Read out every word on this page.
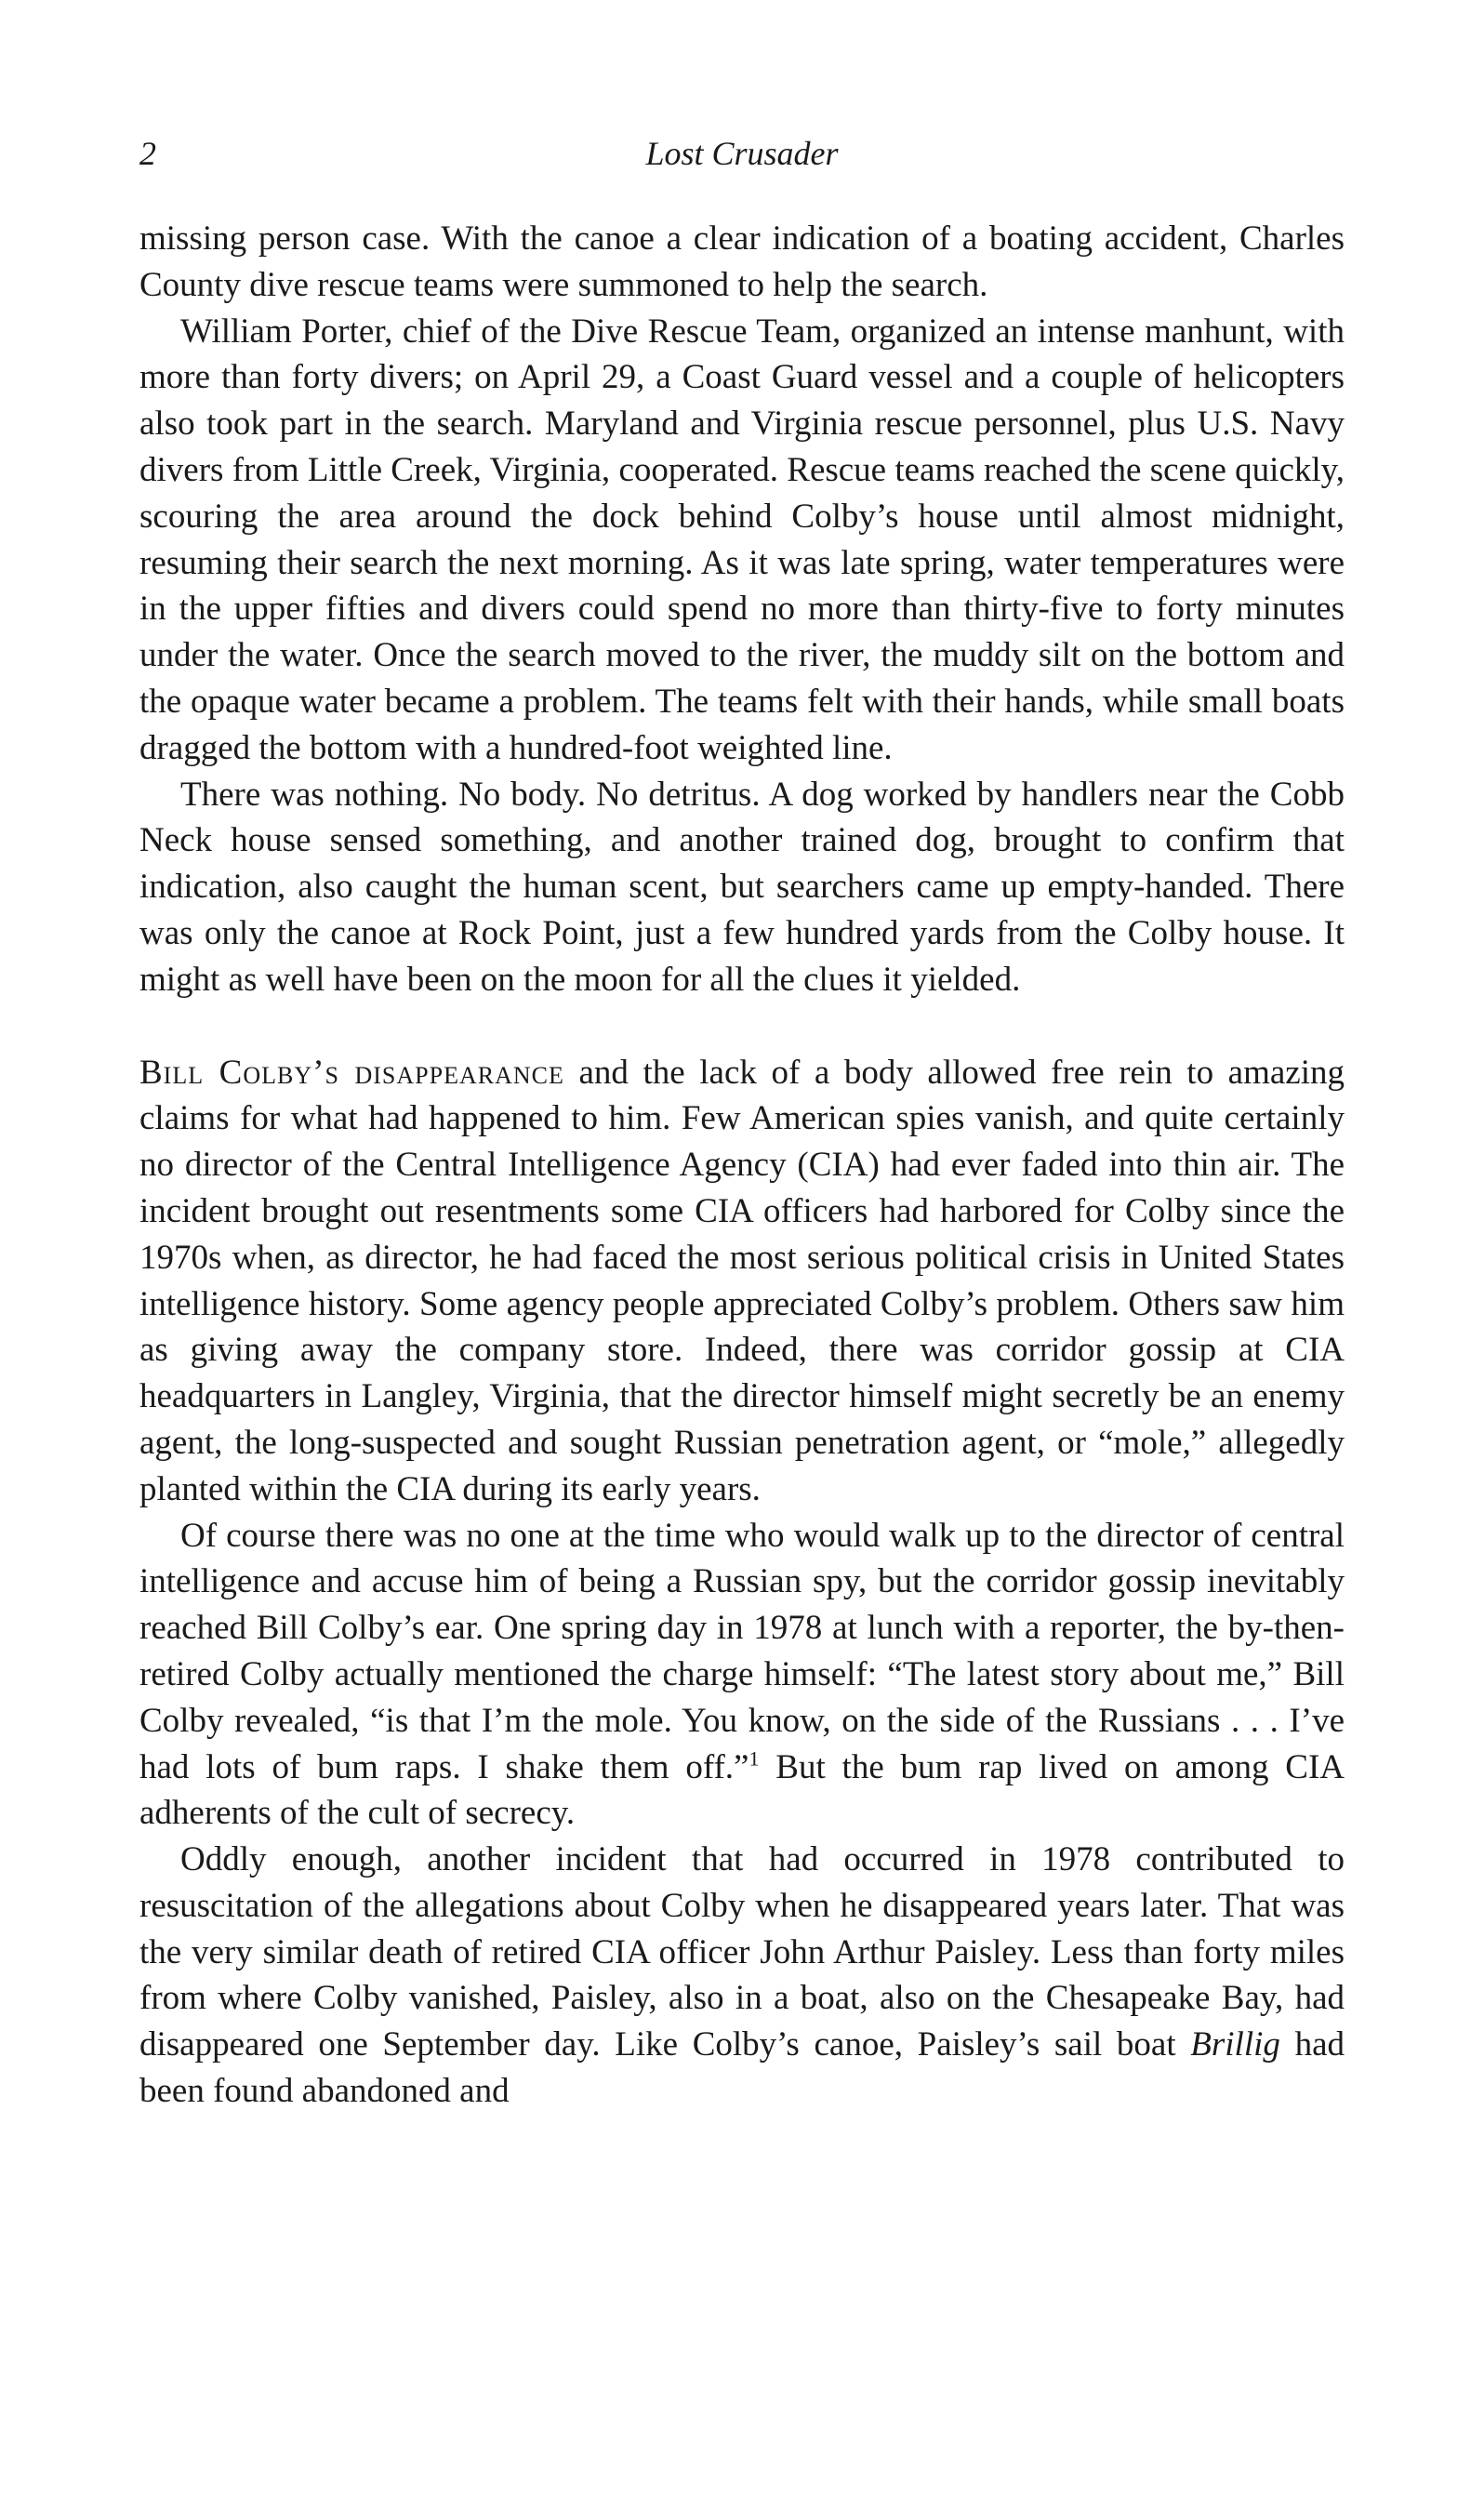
2	Lost Crusader

missing person case. With the canoe a clear indication of a boating accident, Charles County dive rescue teams were summoned to help the search.

William Porter, chief of the Dive Rescue Team, organized an intense manhunt, with more than forty divers; on April 29, a Coast Guard vessel and a couple of helicopters also took part in the search. Maryland and Virginia rescue personnel, plus U.S. Navy divers from Little Creek, Virginia, cooperated. Rescue teams reached the scene quickly, scouring the area around the dock behind Colby’s house until almost midnight, resuming their search the next morning. As it was late spring, water temperatures were in the upper fifties and divers could spend no more than thirty-five to forty minutes under the water. Once the search moved to the river, the muddy silt on the bottom and the opaque water became a problem. The teams felt with their hands, while small boats dragged the bottom with a hundred-foot weighted line.

There was nothing. No body. No detritus. A dog worked by handlers near the Cobb Neck house sensed something, and another trained dog, brought to confirm that indication, also caught the human scent, but searchers came up empty-handed. There was only the canoe at Rock Point, just a few hundred yards from the Colby house. It might as well have been on the moon for all the clues it yielded.

Bill Colby’s disappearance and the lack of a body allowed free rein to amazing claims for what had happened to him. Few American spies vanish, and quite certainly no director of the Central Intelligence Agency (CIA) had ever faded into thin air. The incident brought out resentments some CIA officers had harbored for Colby since the 1970s when, as director, he had faced the most serious political crisis in United States intelligence history. Some agency people appreciated Colby’s problem. Others saw him as giving away the company store. Indeed, there was corridor gossip at CIA headquarters in Langley, Virginia, that the director himself might secretly be an enemy agent, the long-suspected and sought Russian penetration agent, or “mole,” allegedly planted within the CIA during its early years.

Of course there was no one at the time who would walk up to the director of central intelligence and accuse him of being a Russian spy, but the corridor gossip inevitably reached Bill Colby’s ear. One spring day in 1978 at lunch with a reporter, the by-then-retired Colby actually mentioned the charge himself: “The latest story about me,” Bill Colby revealed, “is that I’m the mole. You know, on the side of the Russians . . . I’ve had lots of bum raps. I shake them off.”$^1$ But the bum rap lived on among CIA adherents of the cult of secrecy.

Oddly enough, another incident that had occurred in 1978 contributed to resuscitation of the allegations about Colby when he disappeared years later. That was the very similar death of retired CIA officer John Arthur Paisley. Less than forty miles from where Colby vanished, Paisley, also in a boat, also on the Chesapeake Bay, had disappeared one September day. Like Colby’s canoe, Paisley’s sail boat Brillig had been found abandoned and
